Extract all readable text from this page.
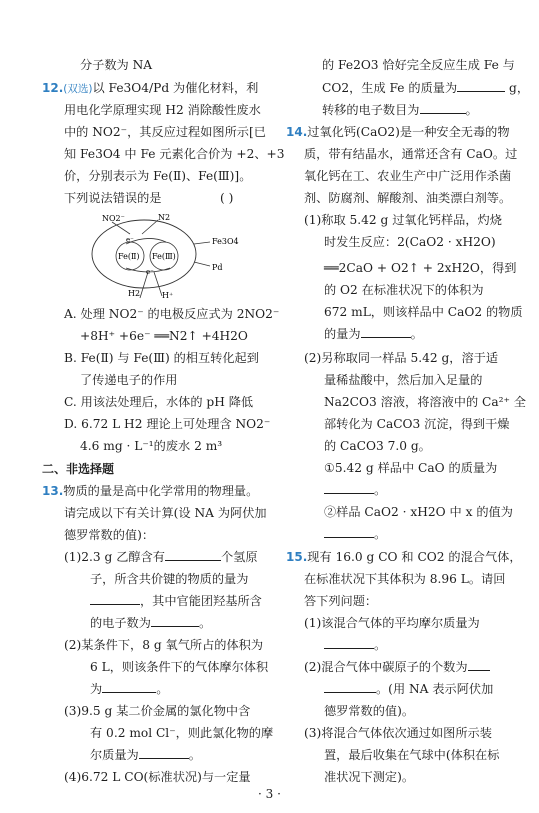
分子数为 NA
12.(双选)以 Fe3O4/Pd 为催化材料，利
用电化学原理实现 H2 消除酸性废水
中的 NO2⁻，其反应过程如图所示[已
知 Fe3O4 中 Fe 元素化合价为 +2、+3
价，分别表示为 Fe(Ⅱ)、Fe(Ⅲ)]。
下列说法错误的是	( )
NO2⁻	N2
e⁻	Fe3O4
Fe(Ⅱ) Fe(Ⅲ)
Pd
e⁻
H2	H⁺
A. 处理 NO2⁻ 的电极反应式为 2NO2⁻
+8H⁺ +6e⁻ ══N2↑ +4H2O
B. Fe(Ⅱ) 与 Fe(Ⅲ) 的相互转化起到
了传递电子的作用
C. 用该法处理后，水体的 pH 降低
D. 6.72 L H2 理论上可处理含 NO2⁻
4.6 mg · L⁻¹的废水 2 m³
二、非选择题
13.物质的量是高中化学常用的物理量。
请完成以下有关计算(设 NA 为阿伏加
德罗常数的值)：
(1)2.3 g 乙醇含有	个氢原
子，所含共价键的物质的量为
，其中官能团羟基所含
的电子数为	。
(2)某条件下，8 g 氧气所占的体积为
6 L，则该条件下的气体摩尔体积
为	。
(3)9.5 g 某二价金属的氯化物中含
有 0.2 mol Cl⁻，则此氯化物的摩
尔质量为	。
(4)6.72 L CO(标准状况)与一定量
的 Fe2O3 恰好完全反应生成 Fe 与
CO2，生成 Fe 的质量为	g，
转移的电子数目为	。
14.过氧化钙(CaO2)是一种安全无毒的物
质，带有结晶水，通常还含有 CaO。过
氧化钙在工、农业生产中广泛用作杀菌
剂、防腐剂、解酸剂、油类漂白剂等。
(1)称取 5.42 g 过氧化钙样品，灼烧
时发生反应：2(CaO2 · xH2O)
══2CaO + O2↑ + 2xH2O，得到
的 O2 在标准状况下的体积为
672 mL，则该样品中 CaO2 的物质
的量为	。
(2)另称取同一样品 5.42 g，溶于适
量稀盐酸中，然后加入足量的
Na2CO3 溶液，将溶液中的 Ca²⁺ 全
部转化为 CaCO3 沉淀，得到干燥
的 CaCO3 7.0 g。
①5.42 g 样品中 CaO 的质量为
。
②样品 CaO2 · xH2O 中 x 的值为
。
15.现有 16.0 g CO 和 CO2 的混合气体，
在标准状况下其体积为 8.96 L。请回
答下列问题：
(1)该混合气体的平均摩尔质量为
。
(2)混合气体中碳原子的个数为
。(用 NA 表示阿伏加
德罗常数的值)。
(3)将混合气体依次通过如图所示装
置，最后收集在气球中(体积在标
准状况下测定)。
· 3 ·
